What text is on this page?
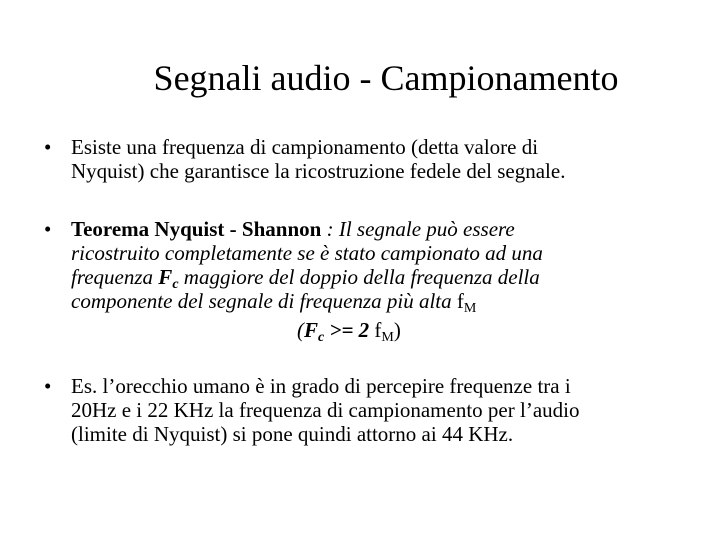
Segnali audio - Campionamento
• Esiste una frequenza di campionamento (detta valore di
Nyquist) che garantisce la ricostruzione fedele del segnale.
• Teorema Nyquist - Shannon : Il segnale può essere
ricostruito completamente se è stato campionato ad una
frequenza $F_c$ maggiore del doppio della frequenza della
componente del segnale di frequenza più alta $f_M$
($F_c >= 2$ $f_M$)
• Es. l’orecchio umano è in grado di percepire frequenze tra i
20Hz e i 22 KHz la frequenza di campionamento per l’audio
(limite di Nyquist) si pone quindi attorno ai 44 KHz.
